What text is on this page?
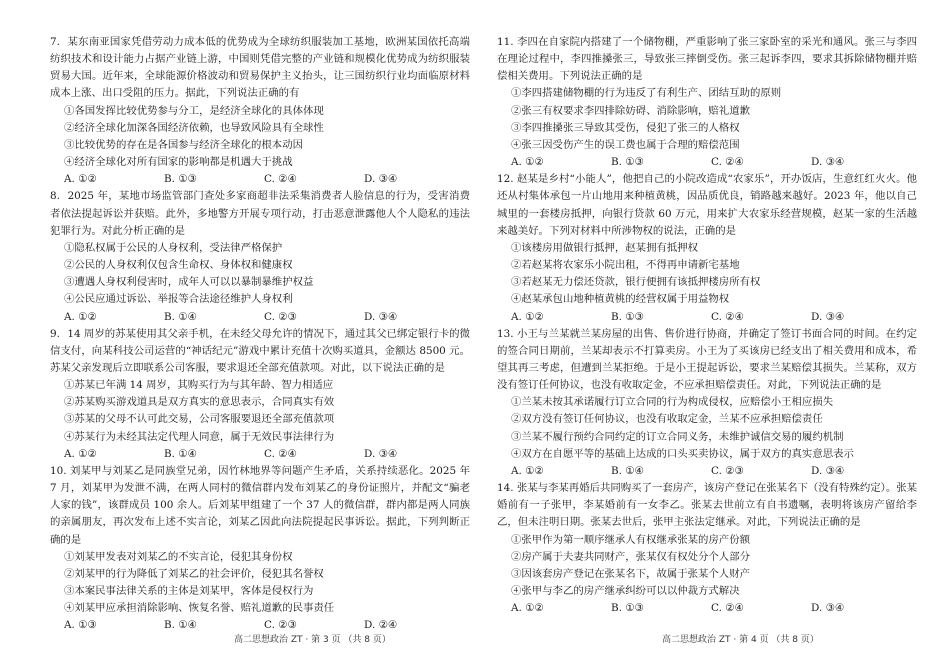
7. 某东南亚国家凭借劳动力成本低的优势成为全球纺织服装加工基地，欧洲某国依托高端纺织技术和设计能力占据产业链上游，中国则凭借完整的产业链和规模化优势成为纺织服装贸易大国。近年来，全球能源价格波动和贸易保护主义抬头，让三国纺织行业均面临原材料成本上涨、出口受阻的压力。据此，下列说法正确的有
①各国发挥比较优势参与分工，是经济全球化的具体体现
②经济全球化加深各国经济依赖，也导致风险具有全球性
③比较优势的存在是各国参与经济全球化的根本动因
④经济全球化对所有国家的影响都是机遇大于挑战
A. ①②	B. ①③	C. ②④	D. ③④
8. 2025 年，某地市场监管部门查处多家商超非法采集消费者人脸信息的行为，受害消费者依法提起诉讼并获赔。此外，多地警方开展专项行动，打击恶意泄露他人个人隐私的违法犯罪行为。对此分析正确的是
①隐私权属于公民的人身权利，受法律严格保护
②公民的人身权利仅包含生命权、身体权和健康权
③遭遇人身权利侵害时，成年人可以以暴制暴维护权益
④公民应通过诉讼、举报等合法途径维护人身权利
A. ①②	B. ①④	C. ②③	D. ③④
9. 14 周岁的苏某使用其父亲手机，在未经父母允许的情况下，通过其父已绑定银行卡的微信支付，向某科技公司运营的“神话纪元”游戏中累计充值十次购买道具，金额达 8500 元。苏某父亲发现后立即联系公司客服，要求退还全部充值款项。对此，以下说法正确的是
①苏某已年满 14 周岁，其购买行为与其年龄、智力相适应
②苏某购买游戏道具是双方真实的意思表示，合同真实有效
③苏某的父母不认可此交易，公司客服要退还全部充值款项
④苏某行为未经其法定代理人同意，属于无效民事法律行为
A. ①②	B. ①④	C. ②④	D. ③④
10. 刘某甲与刘某乙是同族堂兄弟，因竹林地界等问题产生矛盾，关系持续恶化。2025 年 7 月，刘某甲为发泄不满，在两人同村的微信群内发布刘某乙的身份证照片，并配文“骗老人家的钱”，该群成员 100 余人。后刘某甲组建了一个 37 人的微信群，群内都是两人同族的亲属朋友，再次发布上述不实言论，刘某乙因此向法院提起民事诉讼。据此，下列判断正确的是
①刘某甲发表对刘某乙的不实言论，侵犯其身份权
②刘某甲的行为降低了刘某乙的社会评价，侵犯其名誉权
③本案民事法律关系的主体是刘某甲，客体是侵权行为
④刘某甲应承担消除影响、恢复名誉、赔礼道歉的民事责任
A. ①③	B. ①④	C. ②③	D. ②④
11. 李四在自家院内搭建了一个储物棚，严重影响了张三家卧室的采光和通风。张三与李四在理论过程中，李四推搡张三，导致张三摔倒受伤。张三起诉李四，要求其拆除储物棚并赔偿相关费用。下列说法正确的是
①李四搭建储物棚的行为违反了有利生产、团结互助的原则
②张三有权要求李四排除妨碍、消除影响，赔礼道歉
③李四推搡张三导致其受伤，侵犯了张三的人格权
④张三因受伤产生的误工费也属于合理的赔偿范围
A. ①②	B. ①③	C. ②④	D. ③④
12. 赵某是乡村“小能人”，他把自己的小院改造成“农家乐”，开办饭店，生意红红火火。他还从村集体承包一片山地用来种植黄桃，因品质优良，销路越来越好。2023 年，他以自己城里的一套楼房抵押，向银行贷款 60 万元，用来扩大农家乐经营规模，赵某一家的生活越来越美好。下列对材料中所涉物权的说法，正确的是
①该楼房用做银行抵押，赵某拥有抵押权
②若赵某将农家乐小院出租，不得再申请新宅基地
③若赵某无力偿还贷款，银行便拥有该抵押楼房所有权
④赵某承包山地种植黄桃的经营权属于用益物权
A. ①②	B. ①③	C. ②④	D. ③④
13. 小王与兰某就兰某房屋的出售、售价进行协商，并确定了签订书面合同的时间。在约定的签合同日期前，兰某却表示不打算卖房。小王为了买该房已经支出了相关费用和成本，希望其再三考虑，但遭到兰某拒绝。于是小王提起诉讼，要求兰某赔偿其损失。兰某称，双方没有签订任何协议，也没有收取定金，不应承担赔偿责任。对此，下列说法正确的是
①兰某未按其承诺履行订立合同的行为构成侵权，应赔偿小王相应损失
②双方没有签订任何协议，也没有收取定金，兰某不应承担赔偿责任
③兰某不履行预约合同约定的订立合同义务，未维护诚信交易的履约机制
④双方在自愿平等的基础上达成的口头买卖协议，属于双方的真实意思表示
A. ①②	B. ①④	C. ②③	D. ③④
14. 张某与李某再婚后共同购买了一套房产，该房产登记在张某名下（没有特殊约定）。张某婚前有一子张甲，李某婚前有一女李乙。张某去世前立有自书遗嘱，表明将该房产留给李乙，但未注明日期。张某去世后，张甲主张法定继承。对此，下列说法正确的是
①张甲作为第一顺序继承人有权继承张某的房产份额
②房产属于夫妻共同财产，张某仅有权处分个人部分
③因该套房产登记在张某名下，故属于张某个人财产
④张甲与李乙的房产继承纠纷可以以仲裁方式解决
A. ①②	B. ①③	C. ②④	D. ③④
高二思想政治 ZT · 第 3 页 （共 8 页）	高二思想政治 ZT · 第 4 页 （共 8 页）
